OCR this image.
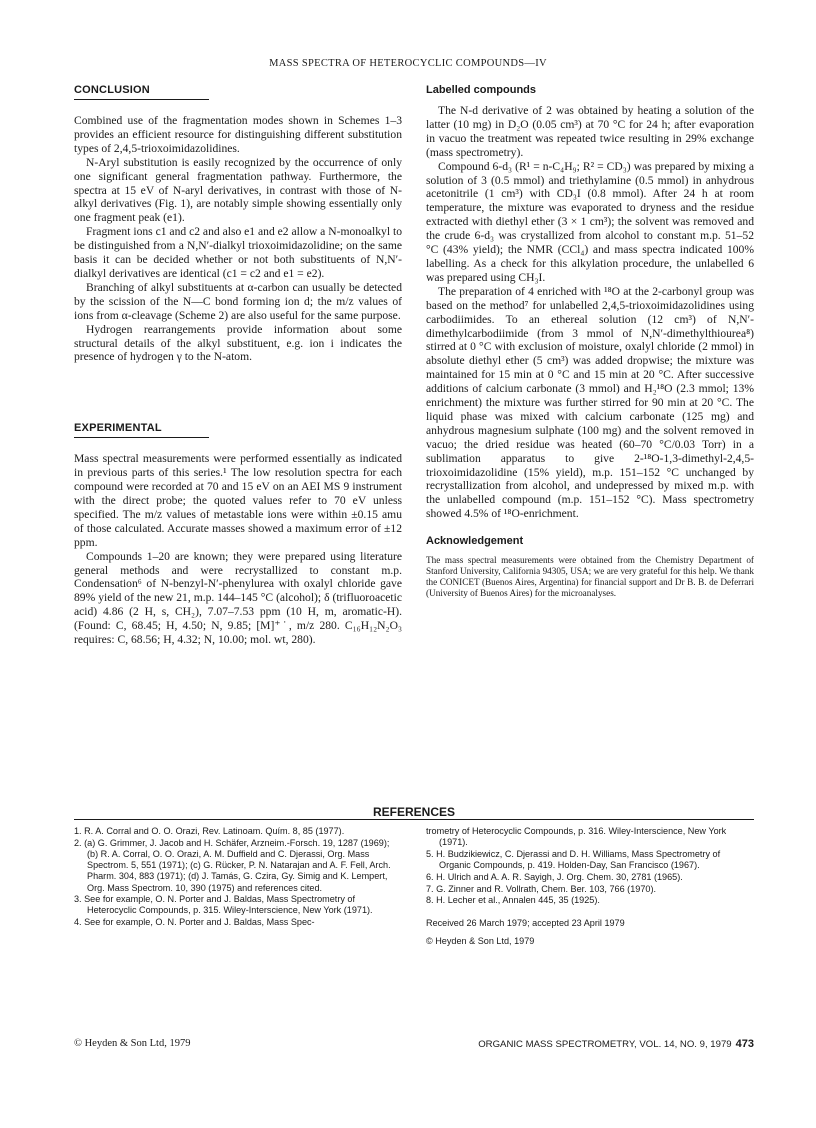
MASS SPECTRA OF HETEROCYCLIC COMPOUNDS—IV
CONCLUSION

Combined use of the fragmentation modes shown in Schemes 1–3 provides an efficient resource for distinguishing different substitution types of 2,4,5-trioxoimidazolidines.

N-Aryl substitution is easily recognized by the occurrence of only one significant general fragmentation pathway. Furthermore, the spectra at 15 eV of N-aryl derivatives, in contrast with those of N-alkyl derivatives (Fig. 1), are notably simple showing essentially only one fragment peak (e1).

Fragment ions c1 and c2 and also e1 and e2 allow a N-monoalkyl to be distinguished from a N,N′-dialkyl trioxoimidazolidine; on the same basis it can be decided whether or not both substituents of N,N′-dialkyl derivatives are identical (c1 = c2 and e1 = e2).

Branching of alkyl substituents at α-carbon can usually be detected by the scission of the N—C bond forming ion d; the m/z values of ions from α-cleavage (Scheme 2) are also useful for the same purpose.

Hydrogen rearrangements provide information about some structural details of the alkyl substituent, e.g. ion i indicates the presence of hydrogen γ to the N-atom.

EXPERIMENTAL

Mass spectral measurements were performed essentially as indicated in previous parts of this series.¹ The low resolution spectra for each compound were recorded at 70 and 15 eV on an AEI MS 9 instrument with the direct probe; the quoted values refer to 70 eV unless specified. The m/z values of metastable ions were within ±0.15 amu of those calculated. Accurate masses showed a maximum error of ±12 ppm.

Compounds 1–20 are known; they were prepared using literature general methods and were recrystallized to constant m.p. Condensation⁶ of N-benzyl-N′-phenylurea with oxalyl chloride gave 89% yield of the new 21, m.p. 144–145 °C (alcohol); δ (trifluoroacetic acid) 4.86 (2 H, s, CH₂), 7.07–7.53 ppm (10 H, m, aromatic-H). (Found: C, 68.45; H, 4.50; N, 9.85; [M]⁺˙, m/z 280. C₁₆H₁₂N₂O₃ requires: C, 68.56; H, 4.32; N, 10.00; mol. wt, 280).

Labelled compounds

The N-d derivative of 2 was obtained by heating a solution of the latter (10 mg) in D₂O (0.05 cm³) at 70 °C for 24 h; after evaporation in vacuo the treatment was repeated twice resulting in 29% exchange (mass spectrometry).

Compound 6-d₃ (R¹ = n-C₄H₉; R² = CD₃) was prepared by mixing a solution of 3 (0.5 mmol) and triethylamine (0.5 mmol) in anhydrous acetonitrile (1 cm³) with CD₃I (0.8 mmol). After 24 h at room temperature, the mixture was evaporated to dryness and the residue extracted with diethyl ether (3 × 1 cm³); the solvent was removed and the crude 6-d₃ was crystallized from alcohol to constant m.p. 51–52 °C (43% yield); the NMR (CCl₄) and mass spectra indicated 100% labelling. As a check for this alkylation procedure, the unlabelled 6 was prepared using CH₃I.

The preparation of 4 enriched with ¹⁸O at the 2-carbonyl group was based on the method⁷ for unlabelled 2,4,5-trioxoimidazolidines using carbodiimides. To an ethereal solution (12 cm³) of N,N′-dimethylcarbodiimide (from 3 mmol of N,N′-dimethylthiourea⁸) stirred at 0 °C with exclusion of moisture, oxalyl chloride (2 mmol) in absolute diethyl ether (5 cm³) was added dropwise; the mixture was maintained for 15 min at 0 °C and 15 min at 20 °C. After successive additions of calcium carbonate (3 mmol) and H₂¹⁸O (2.3 mmol; 13% enrichment) the mixture was further stirred for 90 min at 20 °C. The liquid phase was mixed with calcium carbonate (125 mg) and anhydrous magnesium sulphate (100 mg) and the solvent removed in vacuo; the dried residue was heated (60–70 °C/0.03 Torr) in a sublimation apparatus to give 2-¹⁸O-1,3-dimethyl-2,4,5-trioxoimidazolidine (15% yield), m.p. 151–152 °C unchanged by recrystallization from alcohol, and undepressed by mixed m.p. with the unlabelled compound (m.p. 151–152 °C). Mass spectrometry showed 4.5% of ¹⁸O-enrichment.

Acknowledgement

The mass spectral measurements were obtained from the Chemistry Department of Stanford University, California 94305, USA; we are very grateful for this help. We thank the CONICET (Buenos Aires, Argentina) for financial support and Dr B. B. de Deferrari (University of Buenos Aires) for the microanalyses.

REFERENCES
1. R. A. Corral and O. O. Orazi, Rev. Latinoam. Quím. 8, 85 (1977).
2. (a) G. Grimmer, J. Jacob and H. Schäfer, Arzneim.-Forsch. 19, 1287 (1969); (b) R. A. Corral, O. O. Orazi, A. M. Duffield and C. Djerassi, Org. Mass Spectrom. 5, 551 (1971); (c) G. Rücker, P. N. Natarajan and A. F. Fell, Arch. Pharm. 304, 883 (1971); (d) J. Tamás, G. Czira, Gy. Simig and K. Lempert, Org. Mass Spectrom. 10, 390 (1975) and references cited.
3. See for example, O. N. Porter and J. Baldas, Mass Spectrometry of Heterocyclic Compounds, p. 315. Wiley-Interscience, New York (1971).
4. See for example, O. N. Porter and J. Baldas, Mass Spec-
trometry of Heterocyclic Compounds, p. 316. Wiley-Interscience, New York (1971).
5. H. Budzikiewicz, C. Djerassi and D. H. Williams, Mass Spectrometry of Organic Compounds, p. 419. Holden-Day, San Francisco (1967).
6. H. Ulrich and A. A. R. Sayigh, J. Org. Chem. 30, 2781 (1965).
7. G. Zinner and R. Vollrath, Chem. Ber. 103, 766 (1970).
8. H. Lecher et al., Annalen 445, 35 (1925).
Received 26 March 1979; accepted 23 April 1979
© Heyden & Son Ltd, 1979
© Heyden & Son Ltd, 1979	ORGANIC MASS SPECTROMETRY, VOL. 14, NO. 9, 1979 473
